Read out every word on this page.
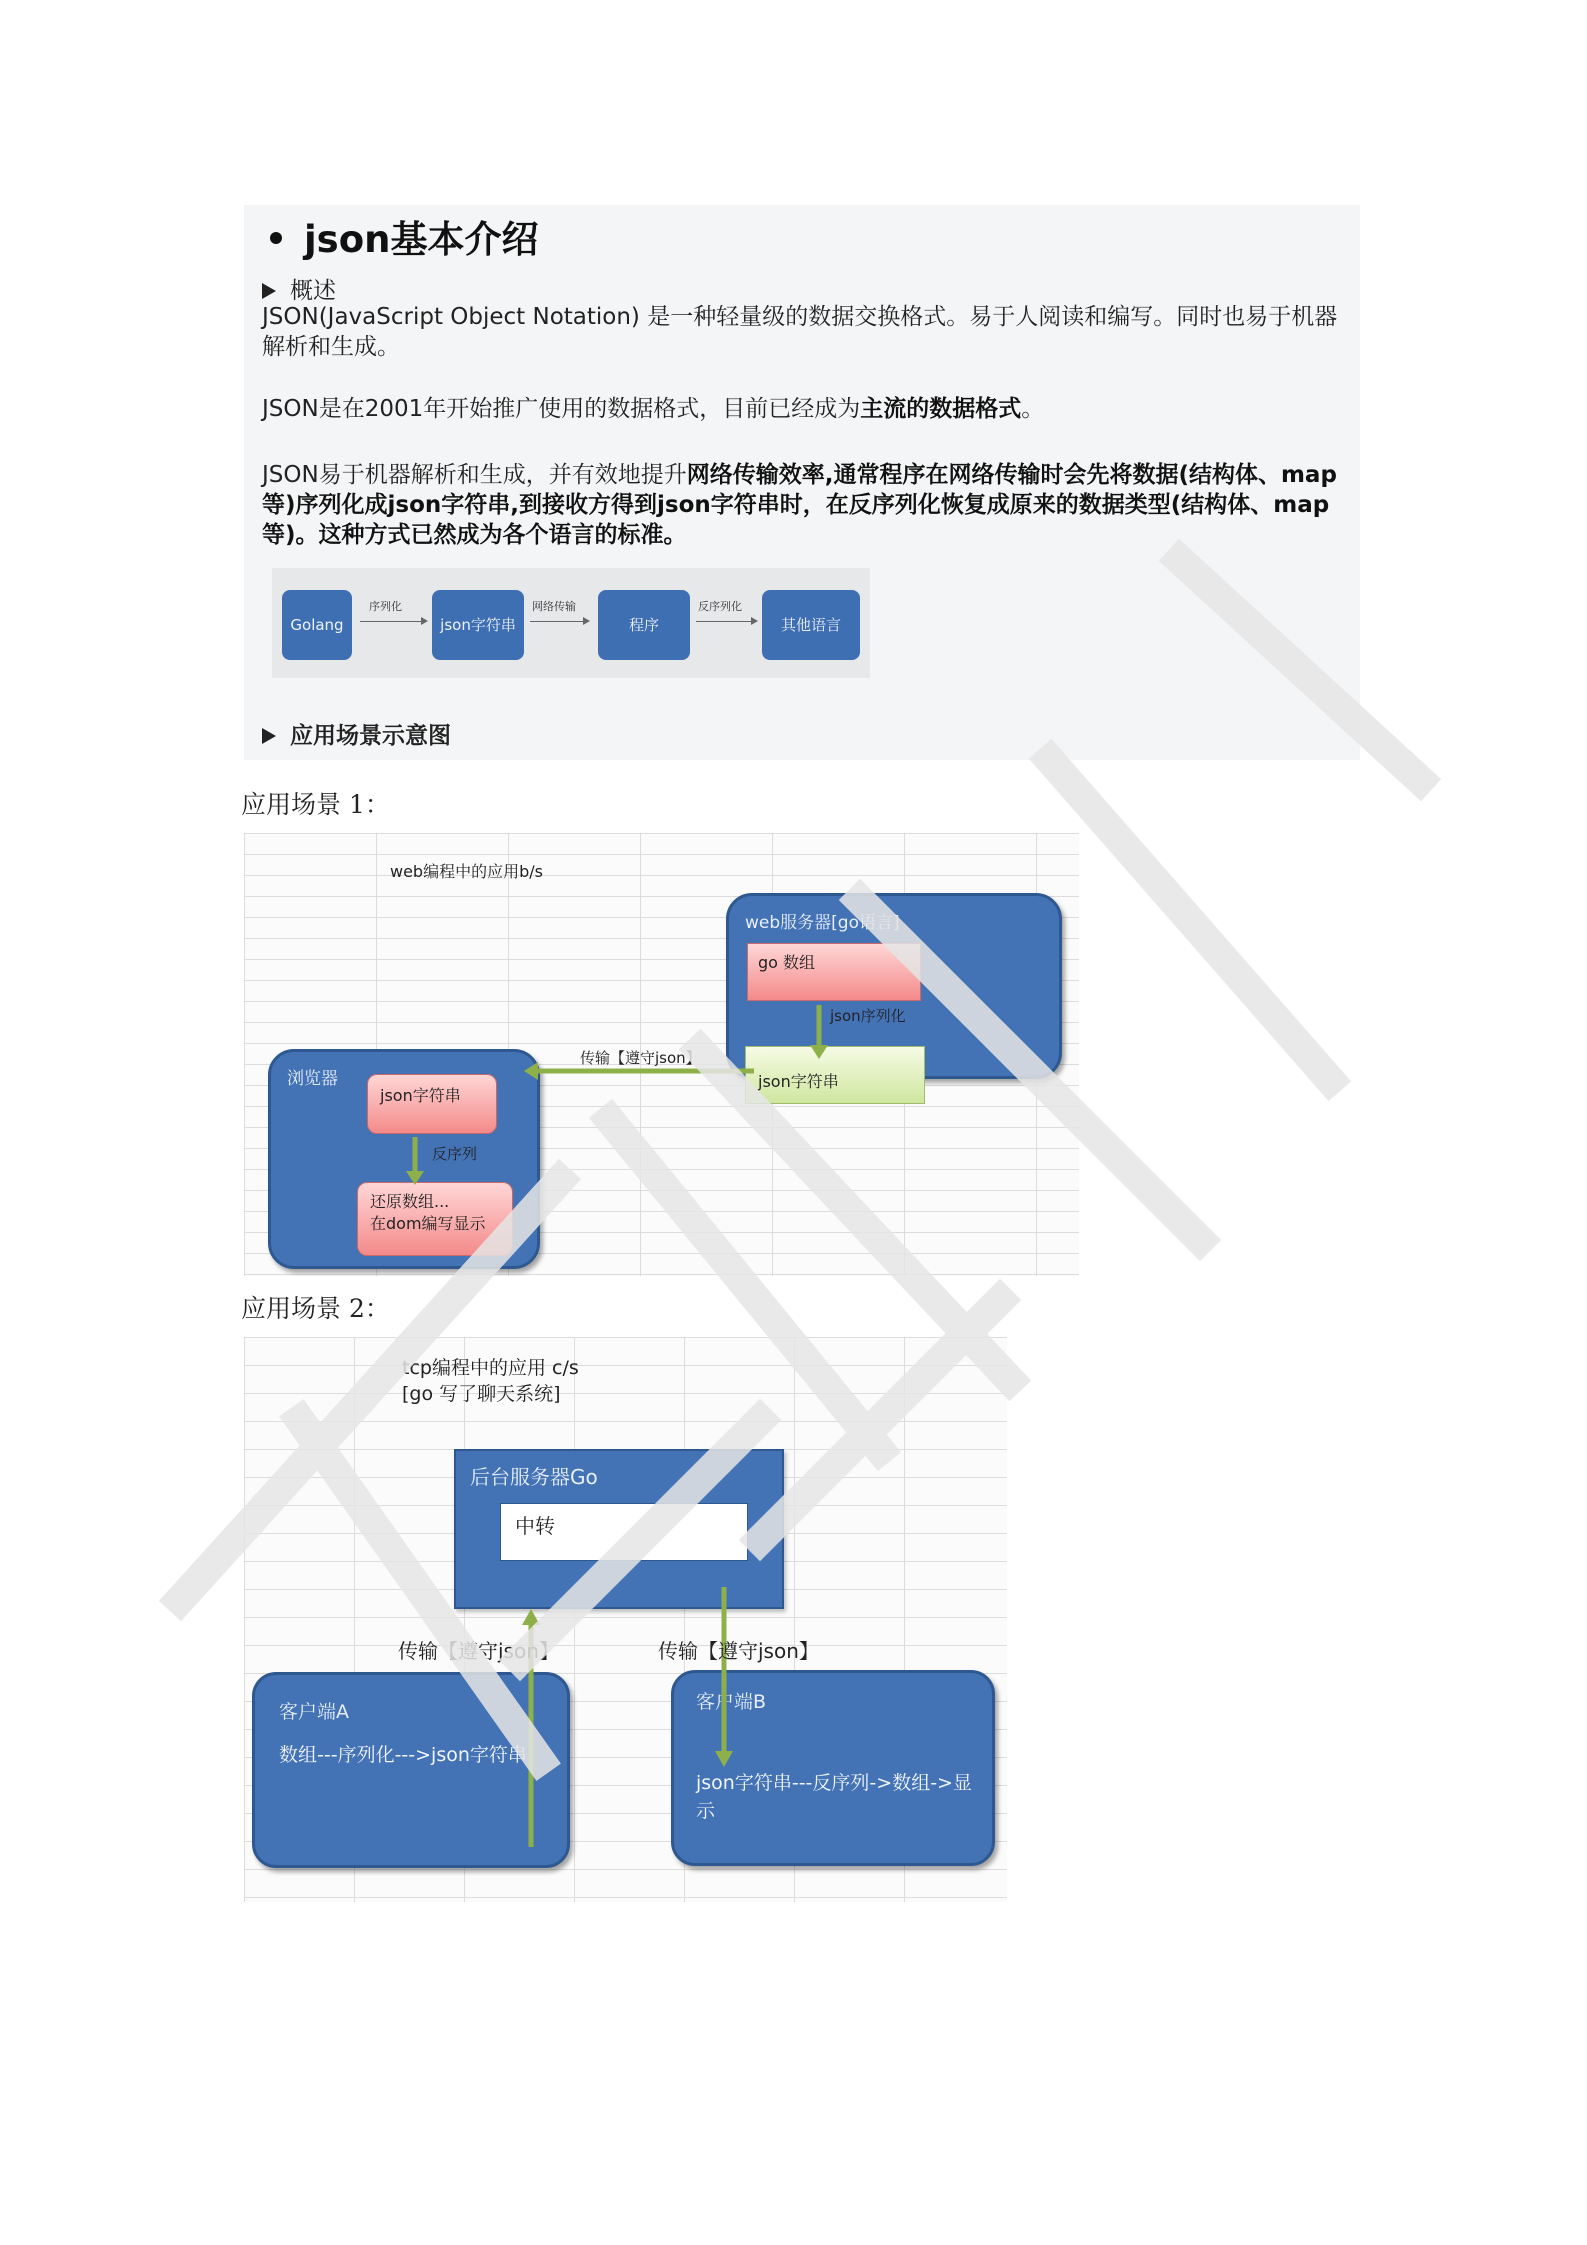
json基本介绍
概述
JSON(JavaScript Object Notation) 是一种轻量级的数据交换格式。易于人阅读和编写。同时也易于机器解析和生成。
JSON是在2001年开始推广使用的数据格式，目前已经成为主流的数据格式。
JSON易于机器解析和生成，并有效地提升网络传输效率,通常程序在网络传输时会先将数据(结构体、map等)序列化成json字符串,到接收方得到json字符串时，在反序列化恢复成原来的数据类型(结构体、map等)。这种方式已然成为各个语言的标准。
Golang
序列化
json字符串
网络传输
程序
反序列化
其他语言
应用场景示意图
应用场景 1：
web编程中的应用b/s
web服务器[go语言]
go 数组
json字符串
浏览器
json字符串
还原数组...
在dom编写显示
json序列化
传输【遵守json】
反序列
应用场景 2：
tcp编程中的应用 c/s
[go 写了聊天系统]
后台服务器Go
中转
客户端A
数组---序列化--->json字符串
客户端B
json字符串---反序列->数组->显示
传输【遵守json】	传输【遵守json】
